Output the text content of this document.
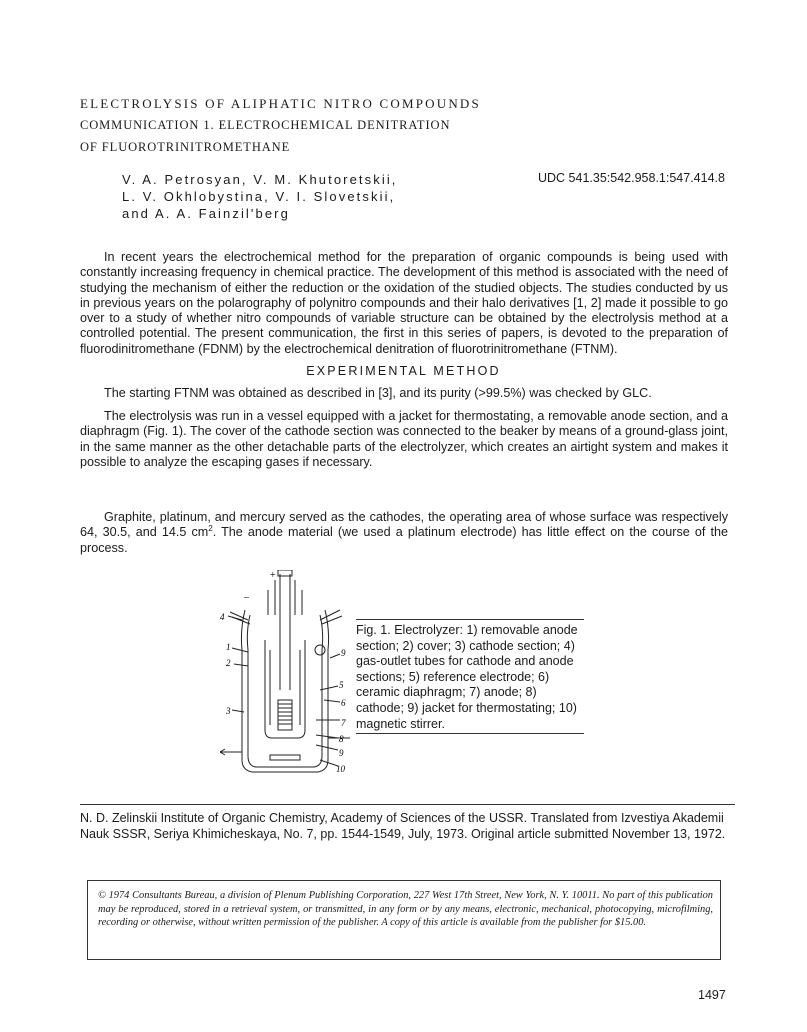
ELECTROLYSIS OF ALIPHATIC NITRO COMPOUNDS
COMMUNICATION 1. ELECTROCHEMICAL DENITRATION
OF FLUOROTRINITROMETHANE
V. A. Petrosyan, V. M. Khutoretskii,
L. V. Okhlobystina, V. I. Slovetskii,
and A. A. Fainzil'berg
UDC 541.35:542.958.1:547.414.8
In recent years the electrochemical method for the preparation of organic compounds is being used with constantly increasing frequency in chemical practice. The development of this method is associated with the need of studying the mechanism of either the reduction or the oxidation of the studied objects. The studies conducted by us in previous years on the polarography of polynitro compounds and their halo derivatives [1, 2] made it possible to go over to a study of whether nitro compounds of variable structure can be obtained by the electrolysis method at a controlled potential. The present communication, the first in this series of papers, is devoted to the preparation of fluorodinitromethane (FDNM) by the electrochemical denitration of fluorotrinitromethane (FTNM).
EXPERIMENTAL METHOD
The starting FTNM was obtained as described in [3], and its purity (>99.5%) was checked by GLC.
The electrolysis was run in a vessel equipped with a jacket for thermostating, a removable anode section, and a diaphragm (Fig. 1). The cover of the cathode section was connected to the beaker by means of a ground-glass joint, in the same manner as the other detachable parts of the electrolyzer, which creates an airtight system and makes it possible to analyze the escaping gases if necessary.
Graphite, platinum, and mercury served as the cathodes, the operating area of whose surface was respectively 64, 30.5, and 14.5 $cm^2$. The anode material (we used a platinum electrode) has little effect on the course of the process.
4
1
2
3
9
5
6
7
8
9
10
+
–
Fig. 1. Electrolyzer: 1) removable anode section; 2) cover; 3) cathode section; 4) gas-outlet tubes for cathode and anode sections; 5) reference electrode; 6) ceramic diaphragm; 7) anode; 8) cathode; 9) jacket for thermostating; 10) magnetic stirrer.
N. D. Zelinskii Institute of Organic Chemistry, Academy of Sciences of the USSR. Translated from Izvestiya Akademii Nauk SSSR, Seriya Khimicheskaya, No. 7, pp. 1544-1549, July, 1973. Original article submitted November 13, 1972.
© 1974 Consultants Bureau, a division of Plenum Publishing Corporation, 227 West 17th Street, New York, N. Y. 10011. No part of this publication may be reproduced, stored in a retrieval system, or transmitted, in any form or by any means, electronic, mechanical, photocopying, microfilming, recording or otherwise, without written permission of the publisher. A copy of this article is available from the publisher for $15.00.
1497
